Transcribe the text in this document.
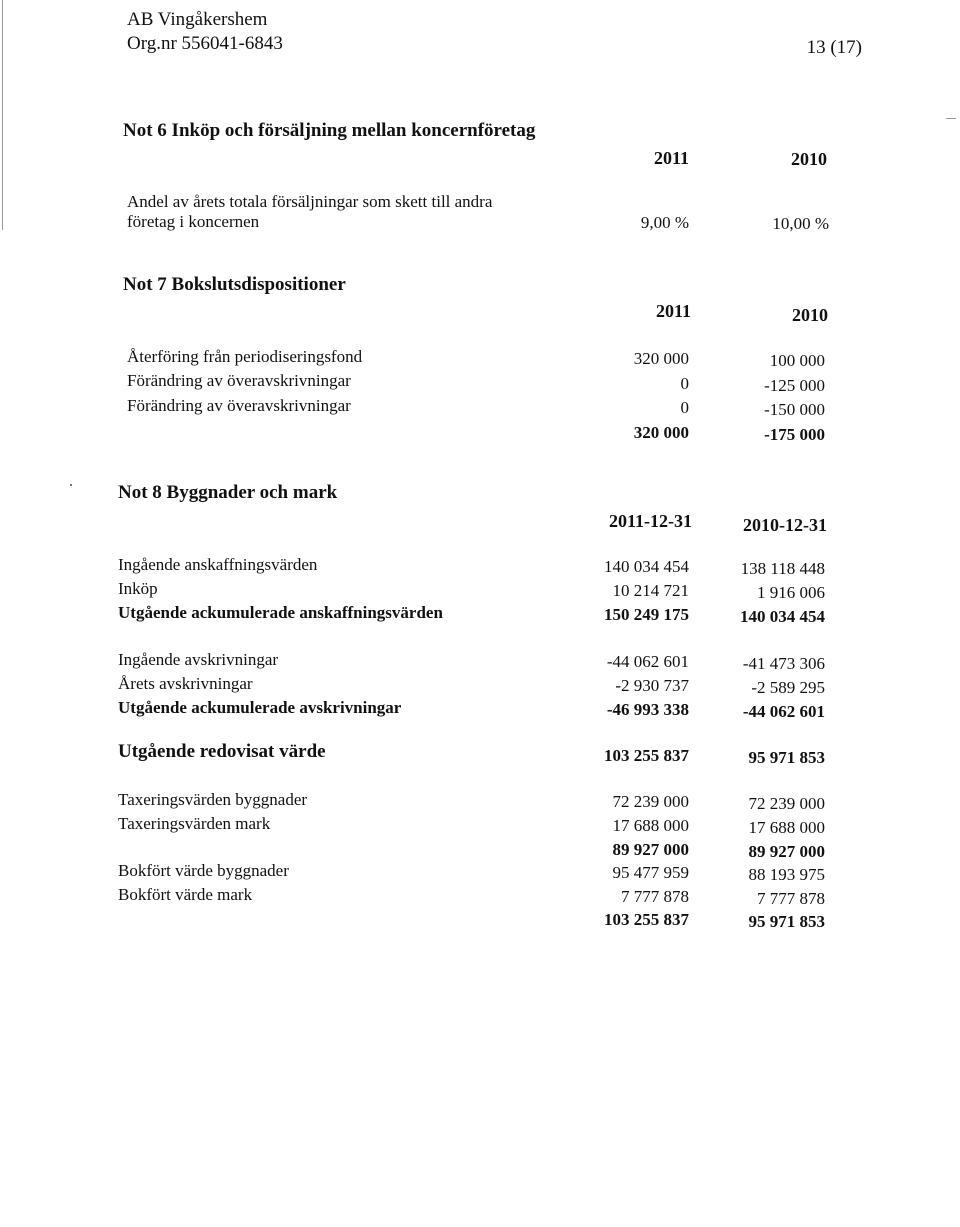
AB Vingåkershem
Org.nr 556041-6843	13 (17)
Not 6 Inköp och försäljning mellan koncernföretag
2011	2010
Andel av årets totala försäljningar som skett till andra
företag i koncernen	9,00 %	10,00 %
Not 7 Bokslutsdispositioner
2011	2010
Återföring från periodiseringsfond	320 000	100 000
Förändring av överavskrivningar	0	-125 000
Förändring av överavskrivningar	0	-150 000
320 000	-175 000
Not 8 Byggnader och mark
2011-12-31	2010-12-31
Ingående anskaffningsvärden	140 034 454	138 118 448
Inköp	10 214 721	1 916 006
Utgående ackumulerade anskaffningsvärden	150 249 175	140 034 454
Ingående avskrivningar	-44 062 601	-41 473 306
Årets avskrivningar	-2 930 737	-2 589 295
Utgående ackumulerade avskrivningar	-46 993 338	-44 062 601
Utgående redovisat värde	103 255 837	95 971 853
Taxeringsvärden byggnader	72 239 000	72 239 000
Taxeringsvärden mark	17 688 000	17 688 000
89 927 000	89 927 000
Bokfört värde byggnader	95 477 959	88 193 975
Bokfört värde mark	7 777 878	7 777 878
103 255 837	95 971 853
